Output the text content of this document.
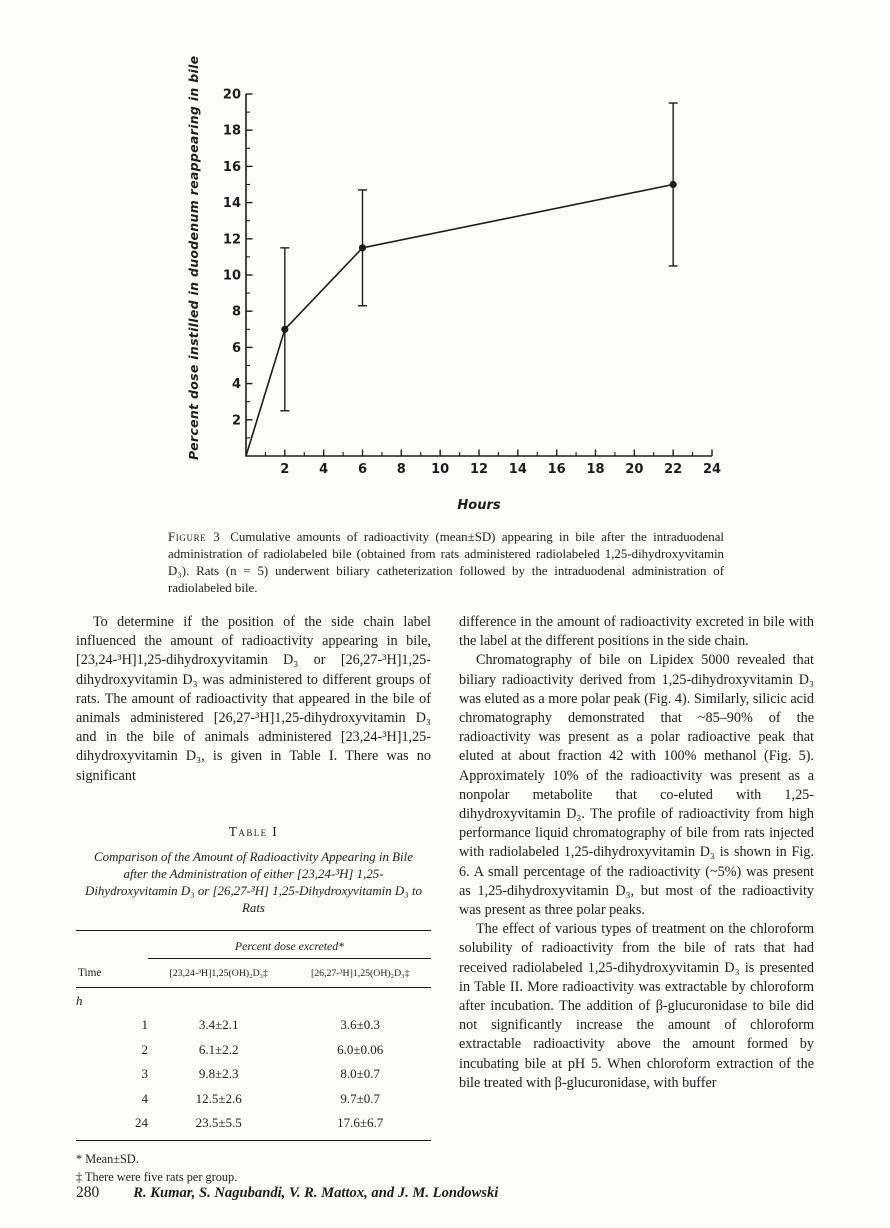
Percent dose instilled in duodenum reappearing in bile
2 4 6 8 10 12 14 16 18 20 22 24
2
4
6
8
10
12
14
16
18
20
Hours

Figure 3 Cumulative amounts of radioactivity (mean±SD) appearing in bile after the intraduodenal administration of radiolabeled bile (obtained from rats administered radiolabeled 1,25-dihydroxyvitamin D₃). Rats (n = 5) underwent biliary catheterization followed by the intraduodenal administration of radiolabeled bile.

To determine if the position of the side chain label influenced the amount of radioactivity appearing in bile, [23,24-³H]1,25-dihydroxyvitamin D₃ or [26,27-³H]1,25-dihydroxyvitamin D₃ was administered to different groups of rats. The amount of radioactivity that appeared in the bile of animals administered [26,27-³H]1,25-dihydroxyvitamin D₃ and in the bile of animals administered [23,24-³H]1,25-dihydroxyvitamin D₃, is given in Table I. There was no significant

Table I
Comparison of the Amount of Radioactivity Appearing in Bile after the Administration of either [23,24-³H] 1,25-Dihydroxyvitamin D₃ or [26,27-³H] 1,25-Dihydroxyvitamin D₃ to Rats
	Percent dose excreted*	
Time	[23,24-³H]1,25(OH)₂D₃‡	[26,27-³H]1,25(OH)₂D₃‡
h		
1	3.4±2.1	3.6±0.3
2	6.1±2.2	6.0±0.06
3	9.8±2.3	8.0±0.7
4	12.5±2.6	9.7±0.7
24	23.5±5.5	17.6±6.7
* Mean±SD.
‡ There were five rats per group.

difference in the amount of radioactivity excreted in bile with the label at the different positions in the side chain.

Chromatography of bile on Lipidex 5000 revealed that biliary radioactivity derived from 1,25-dihydroxyvitamin D₃ was eluted as a more polar peak (Fig. 4). Similarly, silicic acid chromatography demonstrated that ~85–90% of the radioactivity was present as a polar radioactive peak that eluted at about fraction 42 with 100% methanol (Fig. 5). Approximately 10% of the radioactivity was present as a nonpolar metabolite that co-eluted with 1,25-dihydroxyvitamin D₃. The profile of radioactivity from high performance liquid chromatography of bile from rats injected with radiolabeled 1,25-dihydroxyvitamin D₃ is shown in Fig. 6. A small percentage of the radioactivity (~5%) was present as 1,25-dihydroxyvitamin D₃, but most of the radioactivity was present as three polar peaks.

The effect of various types of treatment on the chloroform solubility of radioactivity from the bile of rats that had received radiolabeled 1,25-dihydroxyvitamin D₃ is presented in Table II. More radioactivity was extractable by chloroform after incubation. The addition of β-glucuronidase to bile did not significantly increase the amount of chloroform extractable radioactivity above the amount formed by incubating bile at pH 5. When chloroform extraction of the bile treated with β-glucuronidase, with buffer

280 R. Kumar, S. Nagubandi, V. R. Mattox, and J. M. Londowski
